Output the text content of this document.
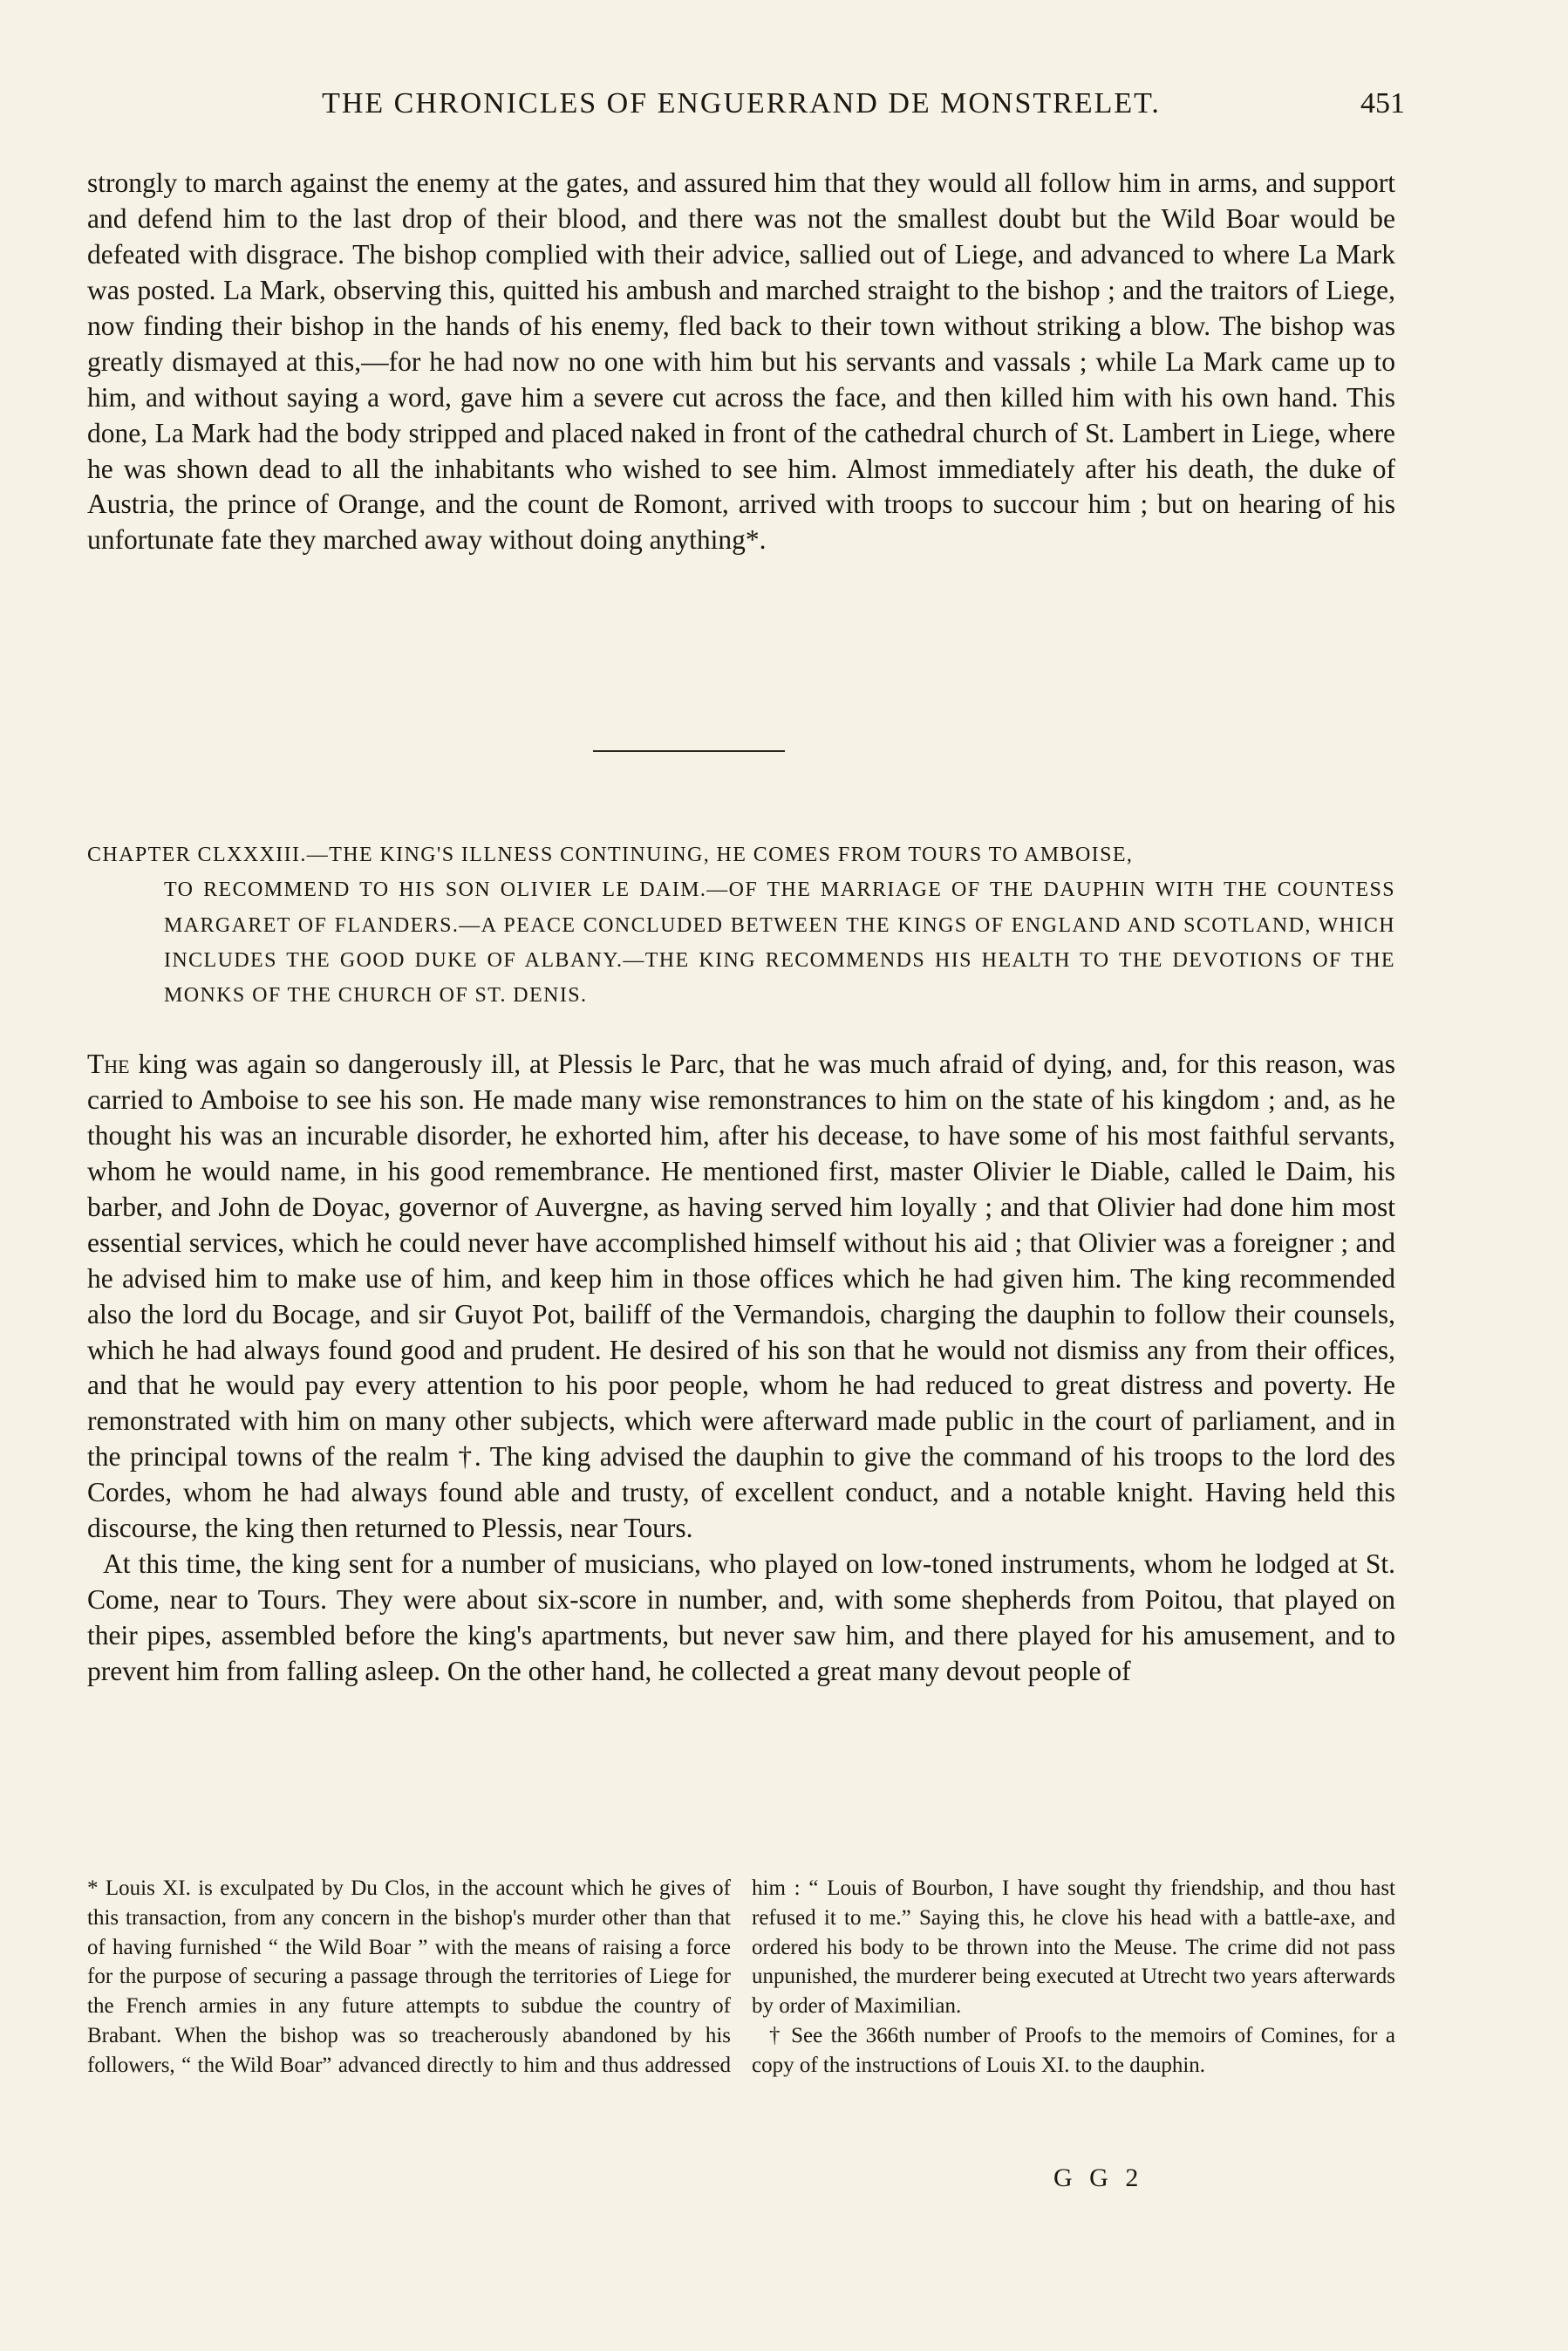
THE CHRONICLES OF ENGUERRAND DE MONSTRELET.	451

strongly to march against the enemy at the gates, and assured him that they would all follow him in arms, and support and defend him to the last drop of their blood, and there was not the smallest doubt but the Wild Boar would be defeated with disgrace. The bishop complied with their advice, sallied out of Liege, and advanced to where La Mark was posted. La Mark, observing this, quitted his ambush and marched straight to the bishop ; and the traitors of Liege, now finding their bishop in the hands of his enemy, fled back to their town without striking a blow. The bishop was greatly dismayed at this,—for he had now no one with him but his servants and vassals ; while La Mark came up to him, and without saying a word, gave him a severe cut across the face, and then killed him with his own hand. This done, La Mark had the body stripped and placed naked in front of the cathedral church of St. Lambert in Liege, where he was shown dead to all the inhabitants who wished to see him. Almost immediately after his death, the duke of Austria, the prince of Orange, and the count de Romont, arrived with troops to succour him ; but on hearing of his unfortunate fate they marched away without doing anything*.

CHAPTER CLXXXIII.—THE KING'S ILLNESS CONTINUING, HE COMES FROM TOURS TO AMBOISE,
TO RECOMMEND TO HIS SON OLIVIER LE DAIM.—OF THE MARRIAGE OF THE DAUPHIN WITH THE COUNTESS MARGARET OF FLANDERS.—A PEACE CONCLUDED BETWEEN THE KINGS OF ENGLAND AND SCOTLAND, WHICH INCLUDES THE GOOD DUKE OF ALBANY.—THE KING RECOMMENDS HIS HEALTH TO THE DEVOTIONS OF THE MONKS OF THE CHURCH OF ST. DENIS.

The king was again so dangerously ill, at Plessis le Parc, that he was much afraid of dying, and, for this reason, was carried to Amboise to see his son. He made many wise remonstrances to him on the state of his kingdom ; and, as he thought his was an incurable disorder, he exhorted him, after his decease, to have some of his most faithful servants, whom he would name, in his good remembrance. He mentioned first, master Olivier le Diable, called le Daim, his barber, and John de Doyac, governor of Auvergne, as having served him loyally ; and that Olivier had done him most essential services, which he could never have accomplished himself without his aid ; that Olivier was a foreigner ; and he advised him to make use of him, and keep him in those offices which he had given him. The king recommended also the lord du Bocage, and sir Guyot Pot, bailiff of the Vermandois, charging the dauphin to follow their counsels, which he had always found good and prudent. He desired of his son that he would not dismiss any from their offices, and that he would pay every attention to his poor people, whom he had reduced to great distress and poverty. He remonstrated with him on many other subjects, which were afterward made public in the court of parliament, and in the principal towns of the realm †. The king advised the dauphin to give the command of his troops to the lord des Cordes, whom he had always found able and trusty, of excellent conduct, and a notable knight. Having held this discourse, the king then returned to Plessis, near Tours.

At this time, the king sent for a number of musicians, who played on low-toned instruments, whom he lodged at St. Come, near to Tours. They were about six-score in number, and, with some shepherds from Poitou, that played on their pipes, assembled before the king's apartments, but never saw him, and there played for his amusement, and to prevent him from falling asleep. On the other hand, he collected a great many devout people of

* Louis XI. is exculpated by Du Clos, in the account which he gives of this transaction, from any concern in the bishop's murder other than that of having furnished “ the Wild Boar ” with the means of raising a force for the purpose of securing a passage through the territories of Liege for the French armies in any future attempts to subdue the country of Brabant. When the bishop was so treacherously abandoned by his followers, “ the Wild Boar” advanced directly to him and thus addressed him : “ Louis of Bourbon, I have sought thy friendship, and thou hast refused it to me.” Saying this, he clove his head with a battle-axe, and ordered his body to be thrown into the Meuse. The crime did not pass unpunished, the murderer being executed at Utrecht two years afterwards by order of Maximilian.

† See the 366th number of Proofs to the memoirs of Comines, for a copy of the instructions of Louis XI. to the dauphin.

G G 2
